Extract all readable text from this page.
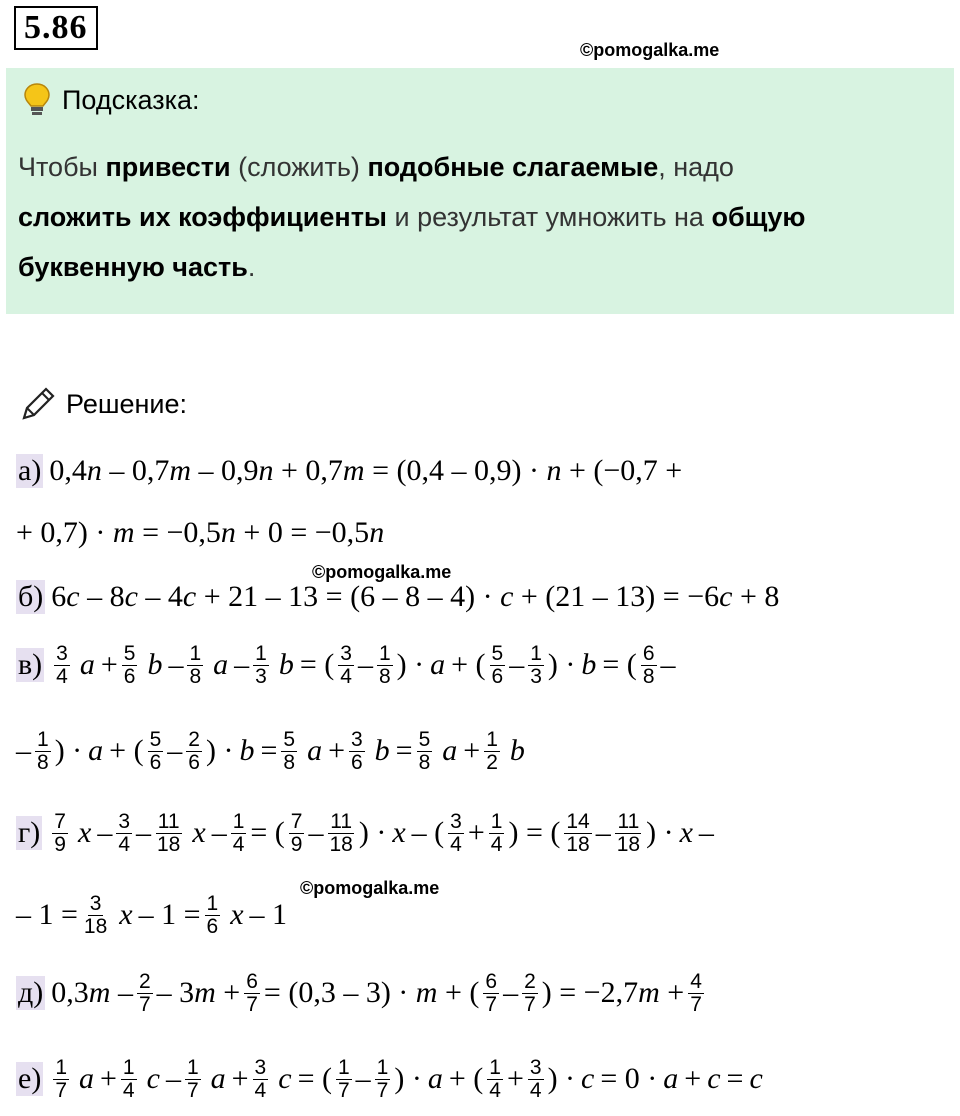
5.86
©pomogalka.me
Подсказка:
Чтобы привести (сложить) подобные слагаемые, надо
сложить их коэффициенты и результат умножить на общую
буквенную часть.
Решение:
а) 0,4n – 0,7m – 0,9n + 0,7m = (0,4 – 0,9) · n + (−0,7 +
+ 0,7) · m = −0,5n + 0 = −0,5n
©pomogalka.me
б) 6c – 8c – 4c + 21 – 13 = (6 – 8 – 4) · c + (21 – 13) = −6c + 8
$в) \frac{3}{4}$ $a + \frac{5}{6}$ b – $\frac{1}{8}$ a – $\frac{1}{3}$ b = ( $\frac{3}{4} - \frac{1}{8}$ ) · a + ( $\frac{5}{6} - \frac{1}{3}$ ) · b = ( $\frac{6}{8}$ –
– $\frac{1}{8}$ ) · a + ( $\frac{5}{6} - \frac{2}{6}$ ) · $b = \frac{5}{8}$ $a + \frac{3}{6}$ $b = \frac{5}{8}$ $a + \frac{1}{2}$ b
$г) \frac{7}{9}$ x – $\frac{3}{4} - \frac{11}{18}$ x – $\frac{1}{4}$ = ( $\frac{7}{9} - \frac{11}{18}$ ) · x – ( $\frac{3}{4} + \frac{1}{4}$ ) = ( $\frac{14}{18} - \frac{11}{18}$ ) · x –
©pomogalka.me
– $1 = \frac{3}{18}$ $x - 1 = \frac{1}{6}$ x – 1
д) $0,3m - \frac{2}{7} - 3m + \frac{6}{7} = (0,3 - 3) \cdot m$ + ( $\frac{6}{7} - \frac{2}{7}$ ) = $-2,7m + \frac{4}{7}$
$е) \frac{1}{7}$ $a + \frac{1}{4}$ c – $\frac{1}{7}$ $a + \frac{3}{4}$ c = ( $\frac{1}{7} - \frac{1}{7}$ ) · a + ( $\frac{1}{4} + \frac{3}{4}$ ) · c = 0 · a + c = c
